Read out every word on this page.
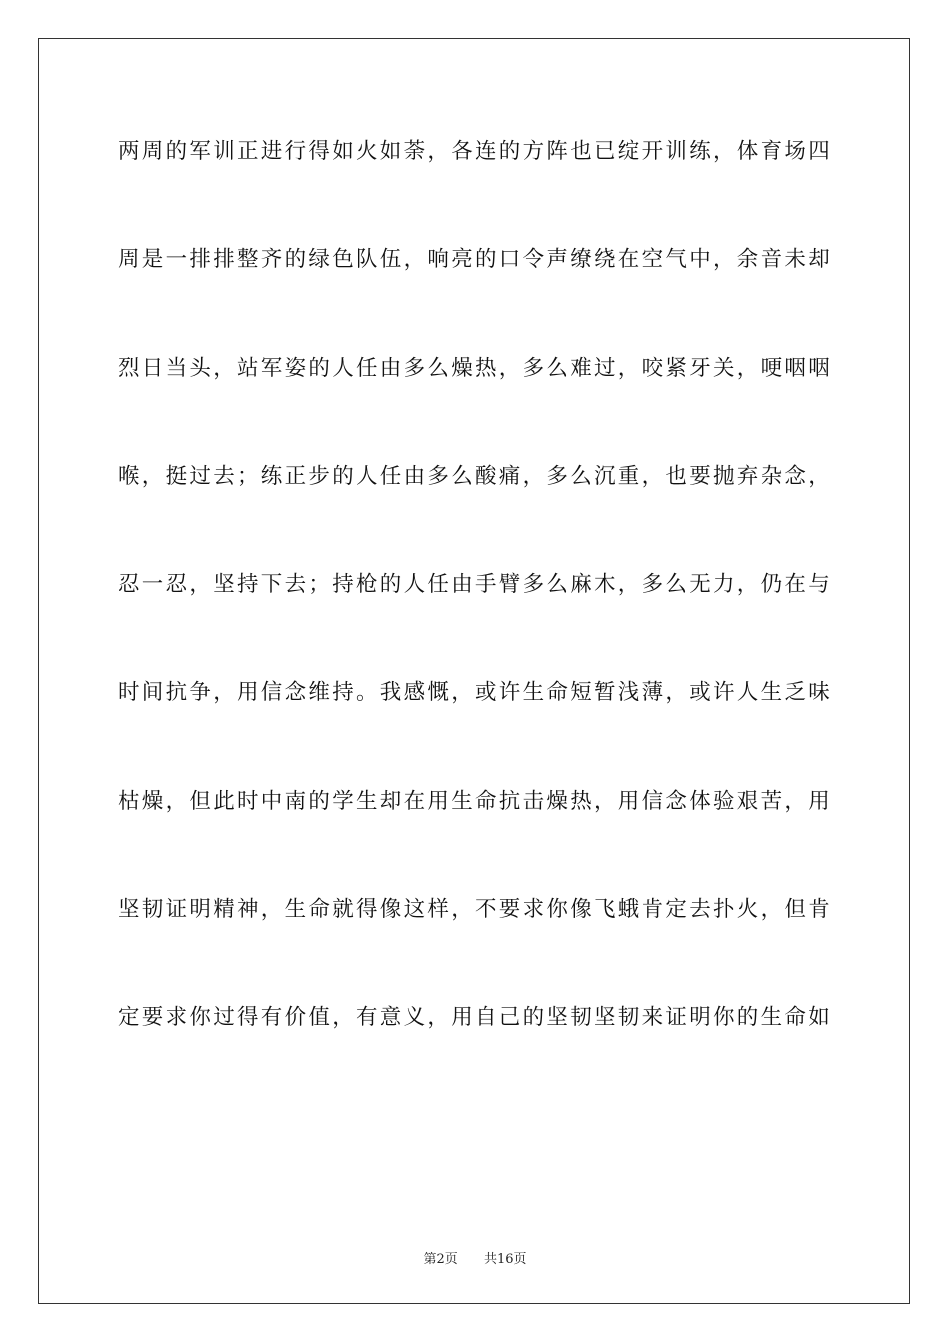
两周的军训正进行得如火如荼，各连的方阵也已绽开训练，体育场四
周是一排排整齐的绿色队伍，响亮的口令声缭绕在空气中，余音未却
烈日当头，站军姿的人任由多么燥热，多么难过，咬紧牙关，哽咽咽
喉，挺过去；练正步的人任由多么酸痛，多么沉重，也要抛弃杂念，
忍一忍，坚持下去；持枪的人任由手臂多么麻木，多么无力，仍在与
时间抗争，用信念维持。我感慨，或许生命短暂浅薄，或许人生乏味
枯燥，但此时中南的学生却在用生命抗击燥热，用信念体验艰苦，用
坚韧证明精神，生命就得像这样，不要求你像飞蛾肯定去扑火，但肯
定要求你过得有价值，有意义，用自己的坚韧坚韧来证明你的生命如
第2页 共16页
